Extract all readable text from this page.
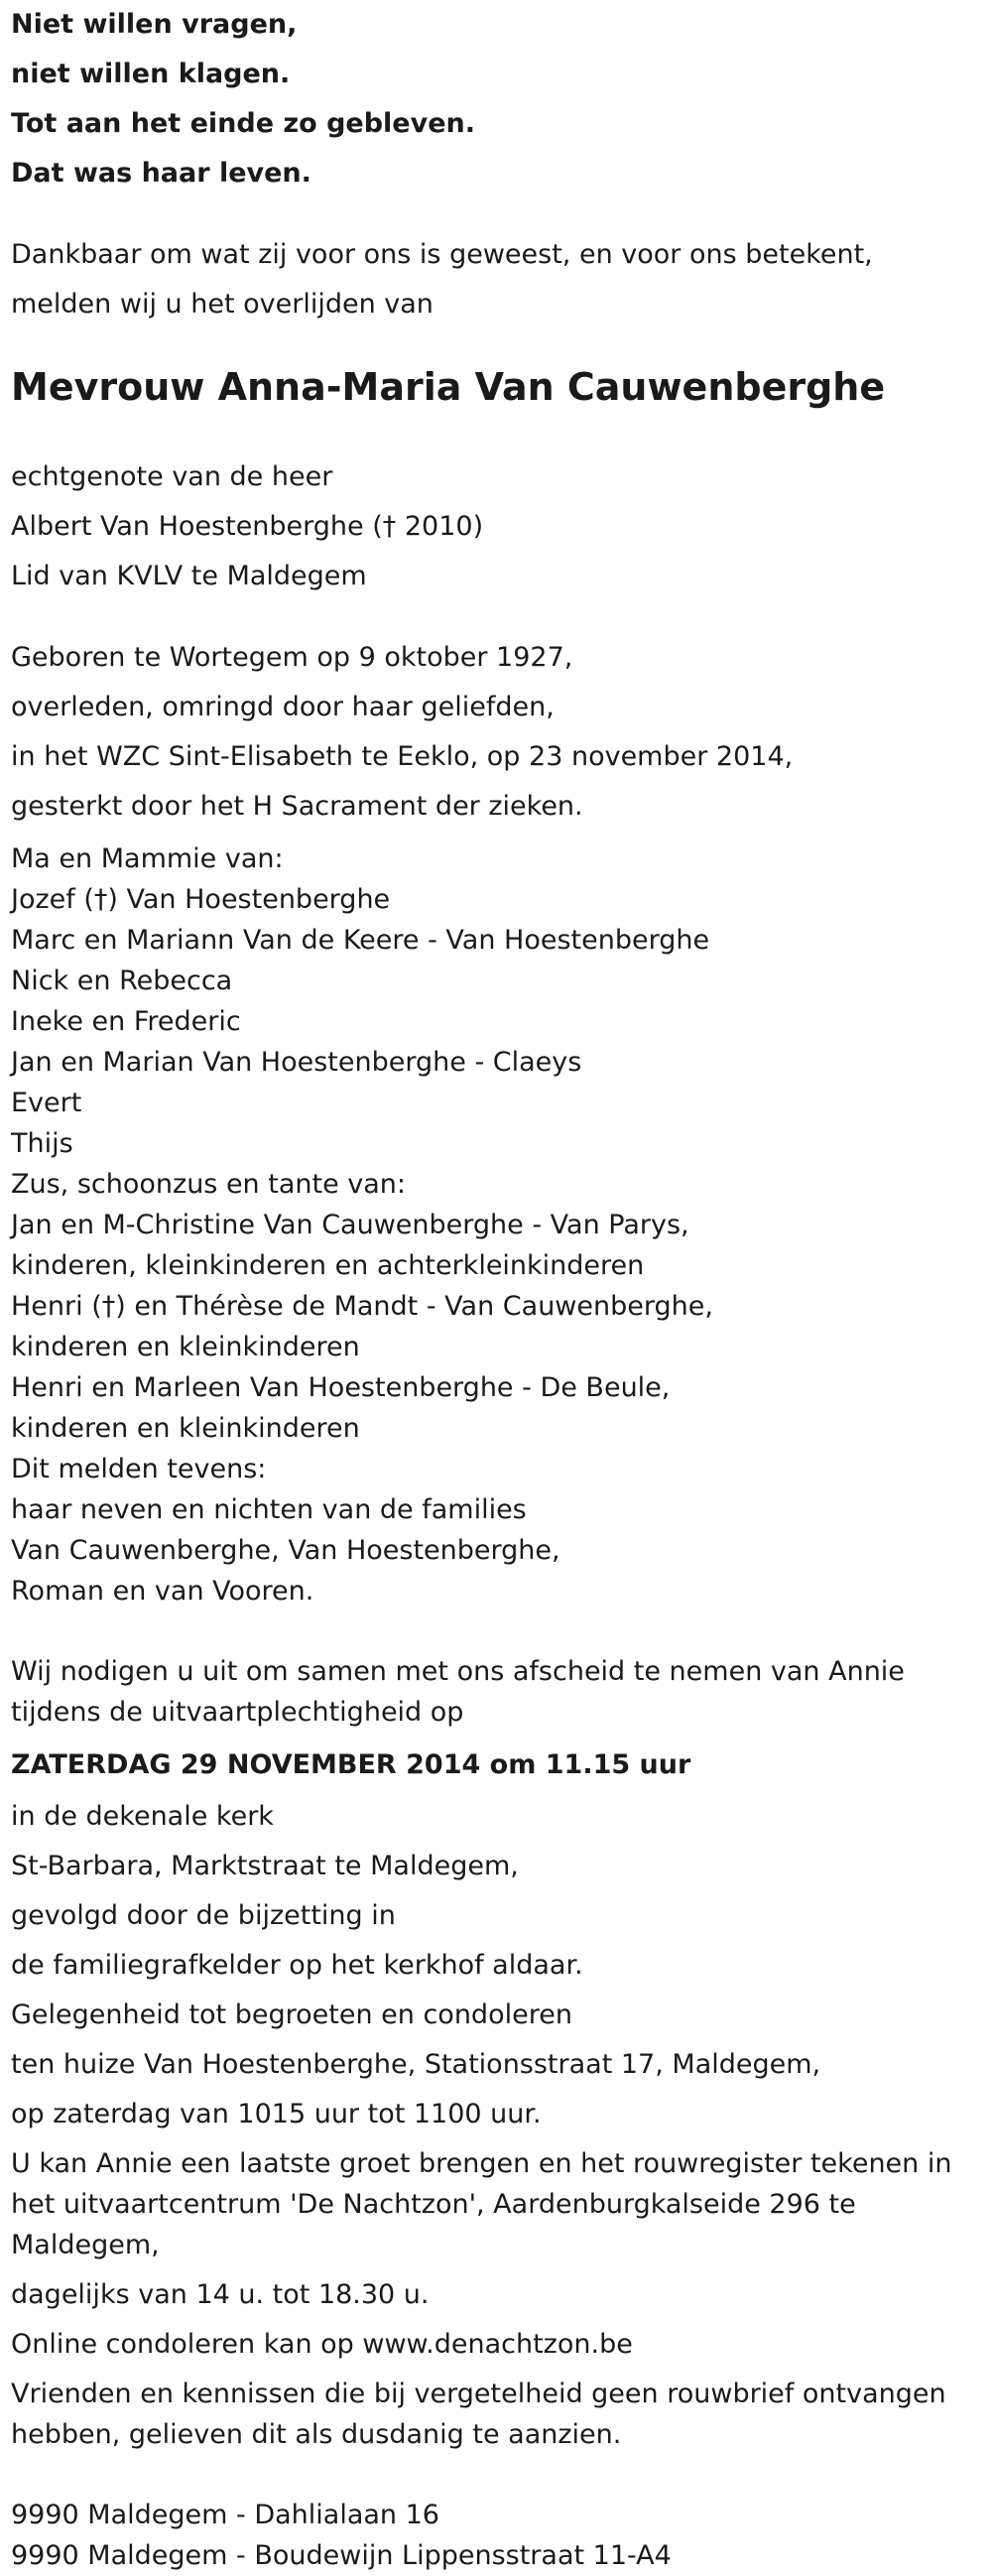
Niet willen vragen,
niet willen klagen.
Tot aan het einde zo gebleven.
Dat was haar leven.
Dankbaar om wat zij voor ons is geweest, en voor ons betekent,
melden wij u het overlijden van
Mevrouw Anna-Maria Van Cauwenberghe
echtgenote van de heer
Albert Van Hoestenberghe († 2010)
Lid van KVLV te Maldegem
Geboren te Wortegem op 9 oktober 1927,
overleden, omringd door haar geliefden,
in het WZC Sint-Elisabeth te Eeklo, op 23 november 2014,
gesterkt door het H Sacrament der zieken.
Ma en Mammie van:
Jozef (†) Van Hoestenberghe
Marc en Mariann Van de Keere - Van Hoestenberghe
Nick en Rebecca
Ineke en Frederic
Jan en Marian Van Hoestenberghe - Claeys
Evert
Thijs
Zus, schoonzus en tante van:
Jan en M-Christine Van Cauwenberghe - Van Parys,
kinderen, kleinkinderen en achterkleinkinderen
Henri (†) en Thérèse de Mandt - Van Cauwenberghe,
kinderen en kleinkinderen
Henri en Marleen Van Hoestenberghe - De Beule,
kinderen en kleinkinderen
Dit melden tevens:
haar neven en nichten van de families
Van Cauwenberghe, Van Hoestenberghe,
Roman en van Vooren.
Wij nodigen u uit om samen met ons afscheid te nemen van Annie
tijdens de uitvaartplechtigheid op
ZATERDAG 29 NOVEMBER 2014 om 11.15 uur
in de dekenale kerk
St-Barbara, Marktstraat te Maldegem,
gevolgd door de bijzetting in
de familiegrafkelder op het kerkhof aldaar.
Gelegenheid tot begroeten en condoleren
ten huize Van Hoestenberghe, Stationsstraat 17, Maldegem,
op zaterdag van 1015 uur tot 1100 uur.
U kan Annie een laatste groet brengen en het rouwregister tekenen in
het uitvaartcentrum 'De Nachtzon', Aardenburgkalseide 296 te
Maldegem,
dagelijks van 14 u. tot 18.30 u.
Online condoleren kan op www.denachtzon.be
Vrienden en kennissen die bij vergetelheid geen rouwbrief ontvangen
hebben, gelieven dit als dusdanig te aanzien.
9990 Maldegem - Dahlialaan 16
9990 Maldegem - Boudewijn Lippensstraat 11-A4
